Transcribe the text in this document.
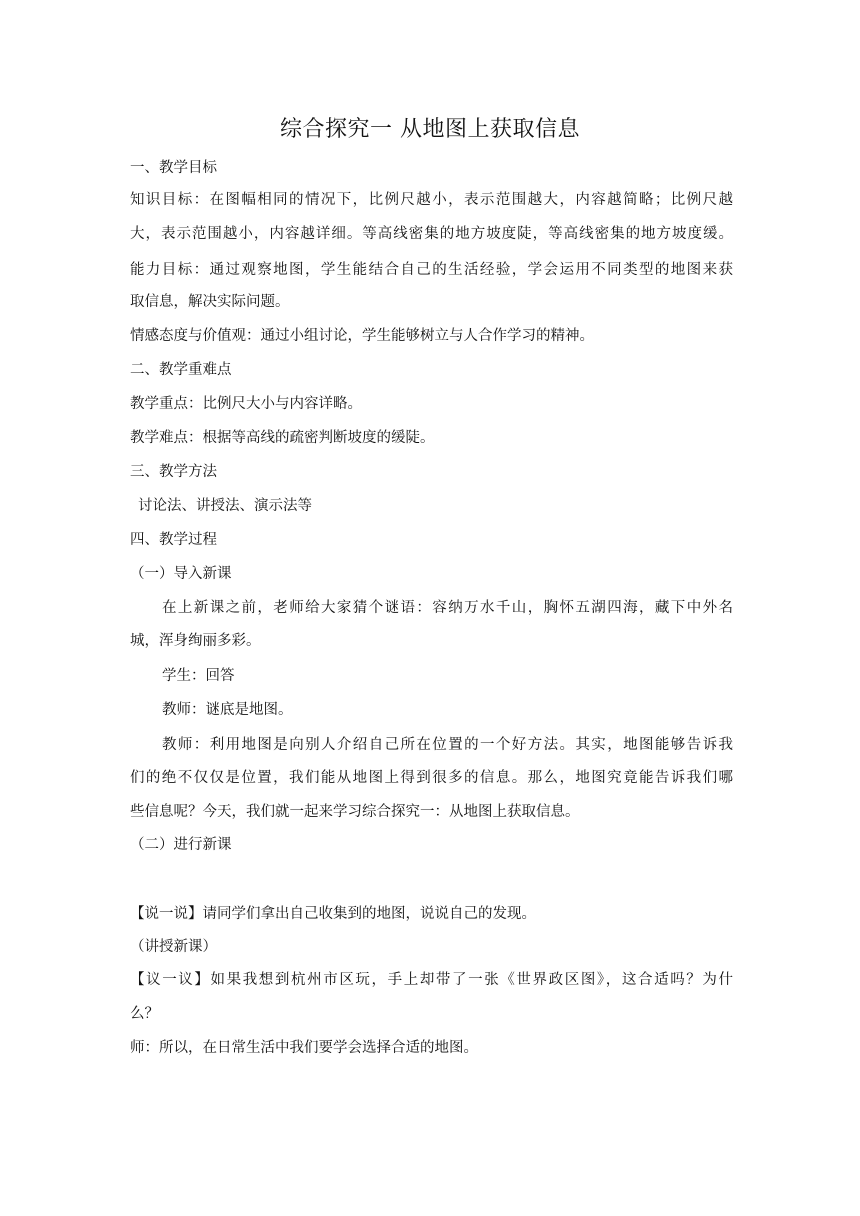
综合探究一 从地图上获取信息
一、教学目标
知识目标：在图幅相同的情况下，比例尺越小，表示范围越大，内容越简略；比例尺越
大，表示范围越小，内容越详细。等高线密集的地方坡度陡，等高线密集的地方坡度缓。
能力目标：通过观察地图，学生能结合自己的生活经验，学会运用不同类型的地图来获
取信息，解决实际问题。
情感态度与价值观：通过小组讨论，学生能够树立与人合作学习的精神。
二、教学重难点
教学重点：比例尺大小与内容详略。
教学难点：根据等高线的疏密判断坡度的缓陡。
三、教学方法
讨论法、讲授法、演示法等
四、教学过程
（一）导入新课
在上新课之前，老师给大家猜个谜语：容纳万水千山，胸怀五湖四海，藏下中外名
城，浑身绚丽多彩。
学生：回答
教师：谜底是地图。
教师：利用地图是向别人介绍自己所在位置的一个好方法。其实，地图能够告诉我
们的绝不仅仅是位置，我们能从地图上得到很多的信息。那么，地图究竟能告诉我们哪
些信息呢？今天，我们就一起来学习综合探究一：从地图上获取信息。
（二）进行新课
【说一说】请同学们拿出自己收集到的地图，说说自己的发现。
（讲授新课）
【议一议】如果我想到杭州市区玩，手上却带了一张《世界政区图》，这合适吗？为什
么？
师：所以，在日常生活中我们要学会选择合适的地图。
